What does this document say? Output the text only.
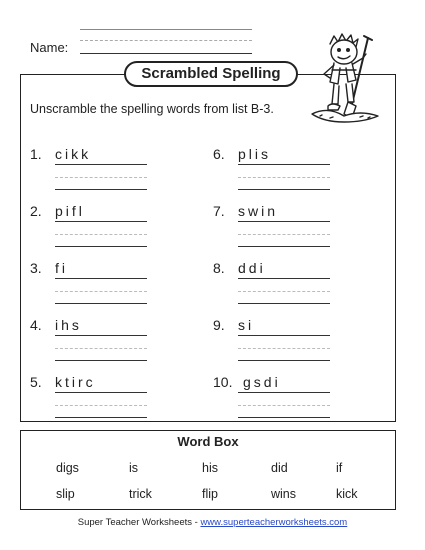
Name:
Scrambled Spelling
Unscramble the spelling words from list B-3.
1. cikk
2. pifl
3. fi
4. ihs
5. ktirc
6. plis
7. swin
8. ddi
9. si
10. gsdi
Word Box
digs	is	his	did	if
slip	trick	flip	wins	kick
Super Teacher Worksheets - www.superteacherworksheets.com
